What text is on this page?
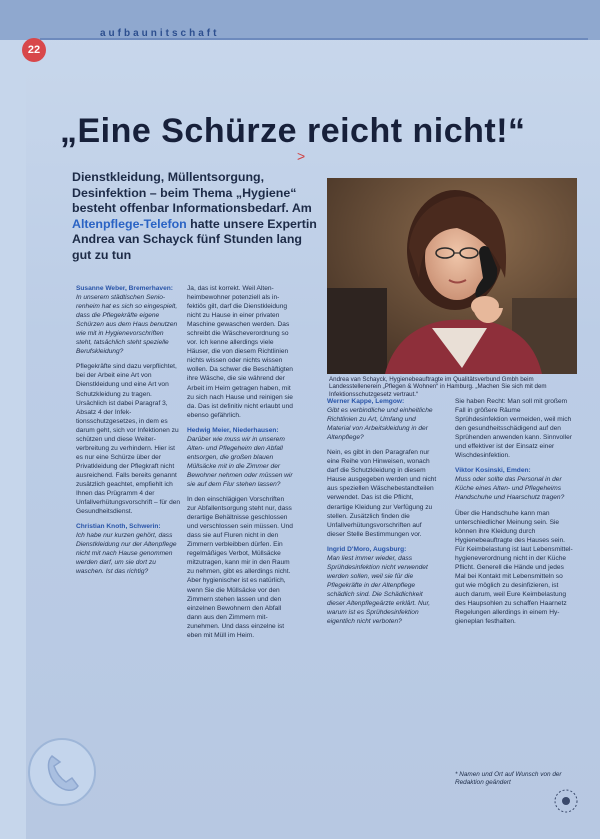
22
aufbaunitschaft
„Eine Schürze reicht nicht!“
>
Dienstkleidung, Müllentsorgung, Desinfektion – beim Thema „Hygiene“ besteht offenbar Informationsbedarf. Am Altenpflege-Telefon hatte unsere Expertin Andrea van Schayck fünf Stunden lang gut zu tun
Andrea van Schayck, Hygienebeauftragte im Qualitätsverbund Gmbh beim Landesstellenerein „Pflegen & Wohnen“ in Hamburg. „Machen Sie sich mit dem Infektionsschutzgesetz vertraut.“

Susanne Weber, Bremerhaven:
In unserem städtischen Seniorenheim hat es sich so eingespielt, dass die Pflegekräfte eigene Schürzen aus dem Haus benutzen wie mit in Hygienevorschriften steht, tatsächlich steht spezielle Berufskleidung?

Pflegekräfte sind dazu verpflichtet, bei der Arbeit eine Art von Dienstkleidung und eine Art von Schutzkleidung zu tragen. Ursächlich ist dabei Paragraf 3, Absatz 4 der Infektionsschutzgesetzes, in dem es darum geht, sich vor Infektionen zu schützen und diese Weiterverbreitung zu verhindern. Hier ist es nur eine Schürze über der Privatkleidung der Pflegkraft nicht ausreichend. Falls bereits genannt zusätzlich geachtet, empfiehlt ich Ihnen das Prügramm 4 der Unfallverhütungsvorschrift – für den Gesundheitsdienst.

Christian Knoth, Schwerin:
Ich habe nur kurzen gehört, dass Dienstkleidung nur der Altenpflege nicht mit nach Hause genommen werden darf, um sie dort zu waschen. Ist das richtig?

Ja, das ist korrekt. Weil Altenheimbewohner potenziell als infektiös gilt, darf die Dienstkleidung nicht zu Hause in einer privaten Maschine gewaschen werden. Das schreibt die Wäscheverordnung so vor. Ich kenne allerdings viele Häuser, die von diesem Richtlinien nichts wissen oder nichts wissen wollen. Da schwer die Beschäftigten ihre Wäsche, die sie während der Arbeit im Heim getragen haben, mit zu sich nach Hause und reinigen sie da. Das ist definitiv nicht erlaubt und ebenso gefährlich.

Hedwig Meier, Niederhausen:
Darüber wie muss wir in unserem Alten- und Pflegeheim den Abfall entsorgen, die großen blauen Müllsäcke mit in die Zimmer der Bewohner nehmen oder müssen wir sie auf dem Flur stehen lassen?

In den einschlägigen Vorschriften zur Abfallentsorgung steht nur, dass derartige Behältnisse geschlossen und verschlossen sein müssen. Und dass sie auf Fluren nicht in den Zimmern verbleibben dürfen. Ein regelmäßiges Verbot, Müllsäcke mitzutragen, kann mir in den Raum zu nehmen, gibt es allerdings nicht. Aber hygienischer ist es natürlich, wenn Sie die Müllsäcke vor den Zimmern stehen lassen und den einzelnen Bewohnern den Abfall dann aus den Zimmern mitzunehmen. Und dass einzelne ist eben mit Müll im Heim.

Werner Kappe, Lemgow:
Gibt es verbindliche und einheitliche Richtlinien zu Art, Umfang und Material von Arbeitskleidung in der Altenpflege?

Nein, es gibt in den Paragrafen nur eine Reihe von Hinweisen, wonach darf die Schutzkleidung in diesem Hause ausgegeben werden und nicht aus speziellen Wäschebestandteilen verwendet. Das ist die Pflicht, derartige Kleidung zur Verfügung zu stellen. Zusätzlich finden die Unfallverhütungsvorschriften auf dieser Stelle Bestimmungen vor.

Ingrid D'Moro, Augsburg:
Man liest immer wieder, dass Sprühdesinfektion nicht verwendet werden sollen, weil sie für die Pflegekräfte in der Altenpflege schädlich sind. Die Schädlichkeit dieser Altenpflegeärzte erklärt. Nur, warum ist es Sprühdesinfektion eigentlich nicht verboten?

Sie haben Recht: Man soll mit großem Fall in größere Räume Sprühdesinfektion vermeiden, weil mich den gesundheitsschädigend auf den Sprühenden anwenden kann. Sinnvoller und effektiver ist der Einsatz einer Wischdesinfektion.

Viktor Kosinski, Emden:
Muss oder sollte das Personal in der Küche eines Alten- und Pflegeheims Handschuhe und Haarschutz tragen?

Über die Handschuhe kann man unterschiedlicher Meinung sein. Sie können ihre Kleidung durch Hygienebeauftragte des Hauses sein. Für Keimbelastung ist laut Lebensmittelhygieneverordnung nicht in der Küche Pflicht. Generell die Hände und jedes Mal bei Kontakt mit Lebensmitteln so gut wie möglich zu desinfizieren, ist auch darum, weil Eure Keimbelastung des Haupsohlen zu schaffen Haarnetz Regelungen allerdings in einem Hygieneplan festhalten.

* Namen und Ort auf Wunsch von der Redaktion geändert
